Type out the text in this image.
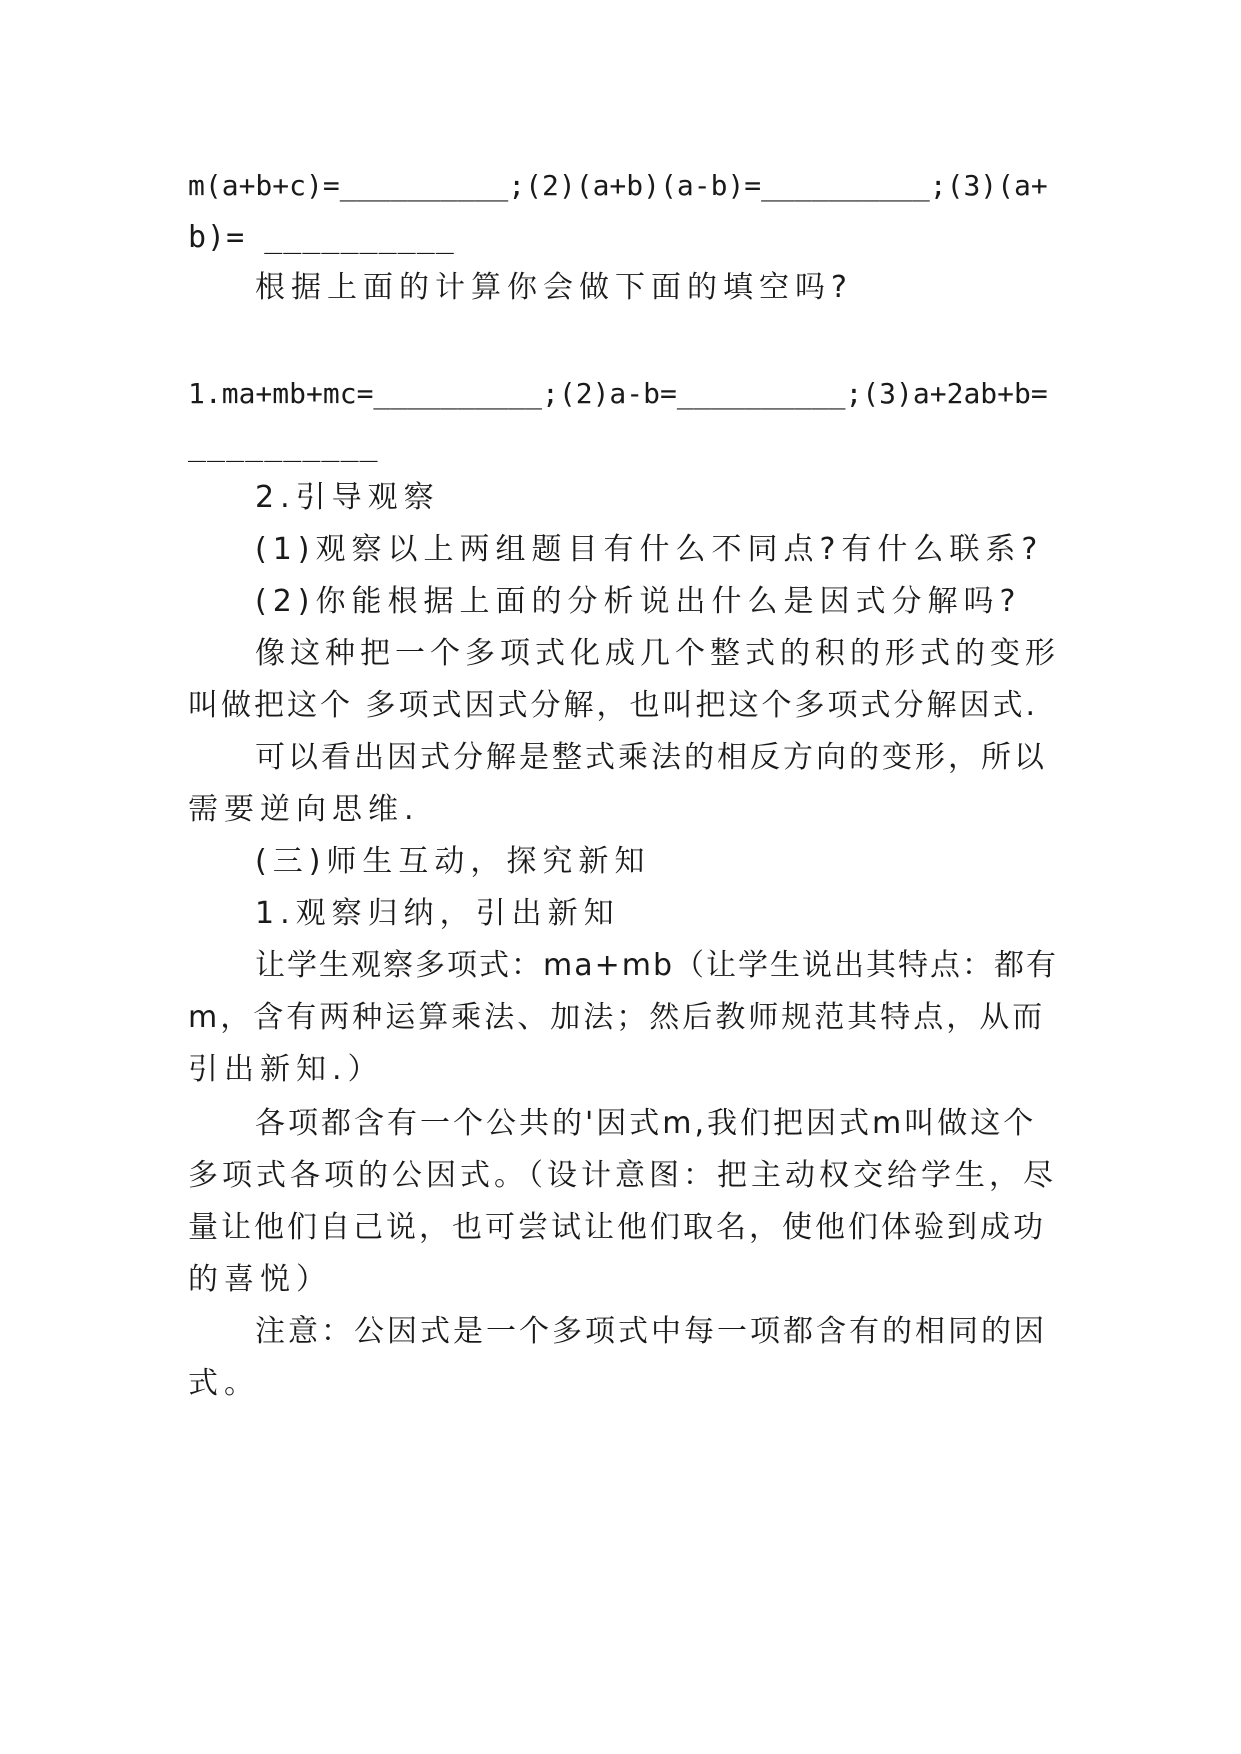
m(a+b+c)=__________;(2)(a+b)(a-b)=__________;(3)(a+
b)= __________
根据上面的计算你会做下面的填空吗?
1.ma+mb+mc=__________;(2)a-b=__________;(3)a+2ab+b=
__________
2.引导观察
(1)观察以上两组题目有什么不同点?有什么联系?
(2)你能根据上面的分析说出什么是因式分解吗?
像这种把一个多项式化成几个整式的积的形式的变形
叫做把这个 多项式因式分解，也叫把这个多项式分解因式.
可以看出因式分解是整式乘法的相反方向的变形，所以
需要逆向思维.
(三)师生互动，探究新知
1.观察归纳，引出新知
让学生观察多项式：ma+mb（让学生说出其特点：都有
m，含有两种运算乘法、加法；然后教师规范其特点，从而
引出新知.）
各项都含有一个公共的'因式m,我们把因式m叫做这个
多项式各项的公因式。（设计意图：把主动权交给学生，尽
量让他们自己说，也可尝试让他们取名，使他们体验到成功
的喜悦）
注意：公因式是一个多项式中每一项都含有的相同的因
式。
